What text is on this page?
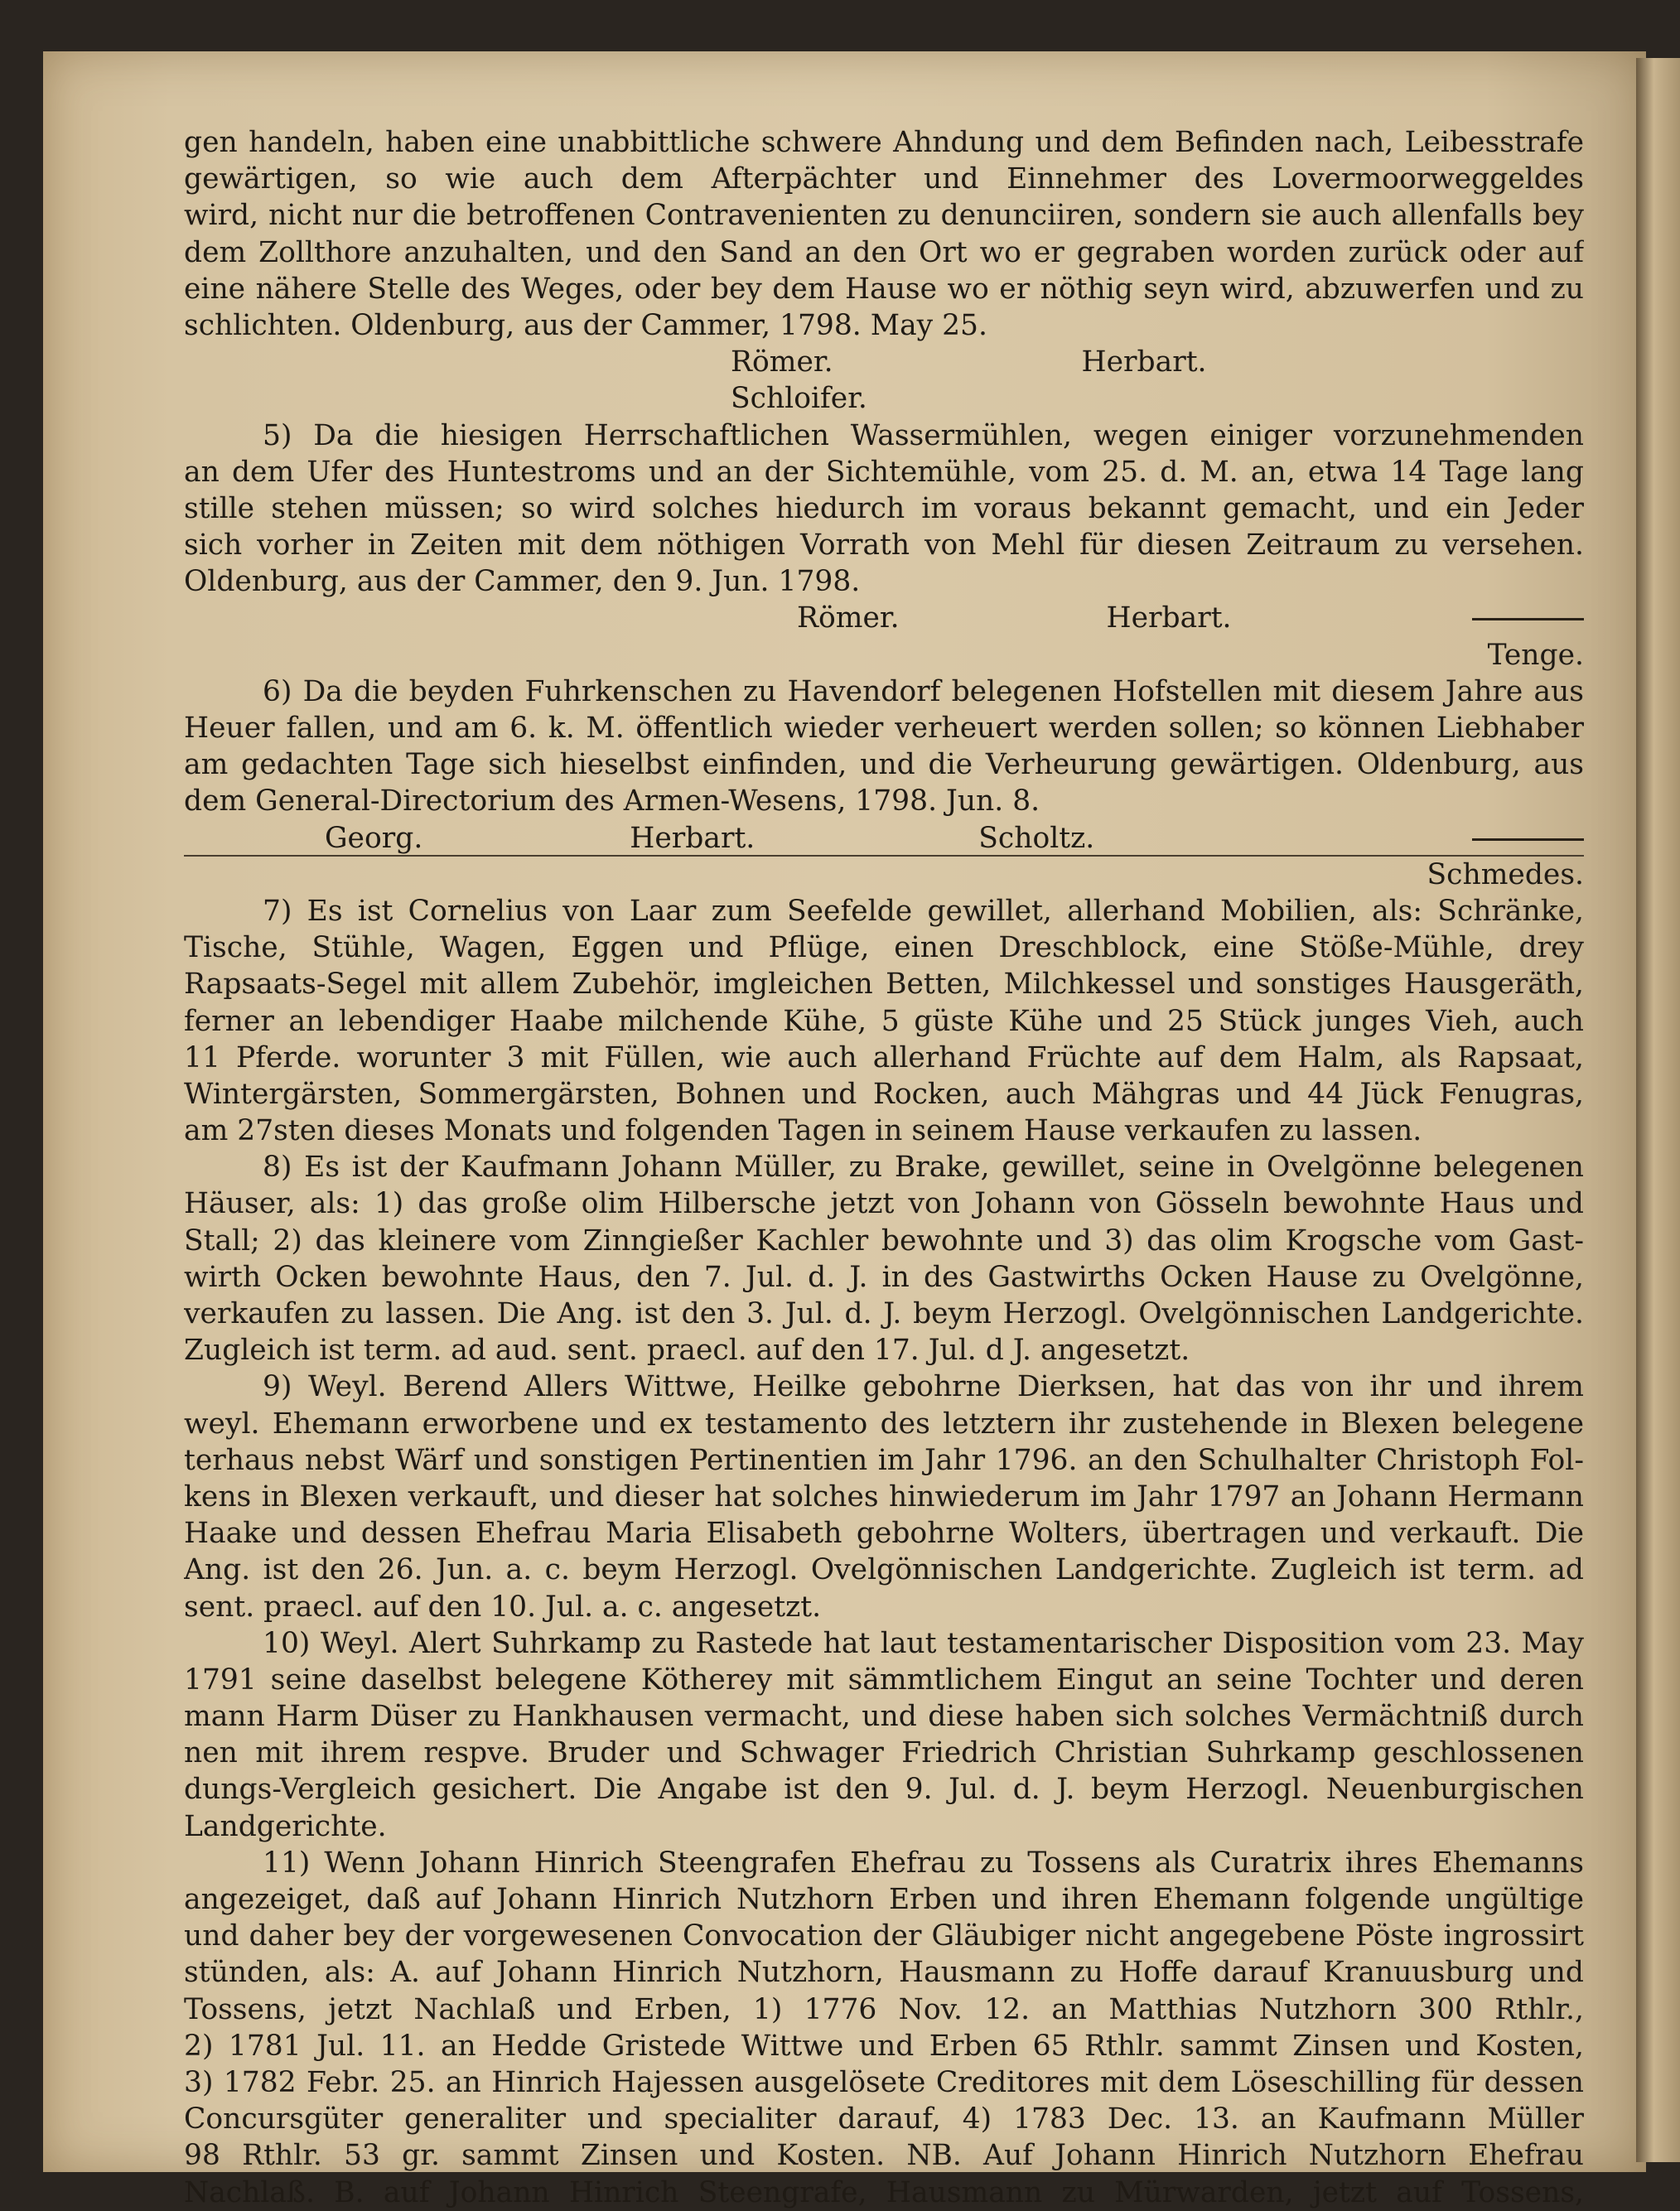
gen handeln, haben eine unabbittliche schwere Ahndung und dem Befinden nach, Leibesstrafe
gewärtigen, so wie auch dem Afterpächter und Einnehmer des Lovermoorweggeldes
wird, nicht nur die betroffenen Contravenienten zu denunciiren, sondern sie auch allenfalls bey
dem Zollthore anzuhalten, und den Sand an den Ort wo er gegraben worden zurück oder auf
eine nähere Stelle des Weges, oder bey dem Hause wo er nöthig seyn wird, abzuwerfen und zu
schlichten. Oldenburg, aus der Cammer, 1798. May 25.
Römer.	Herbart.
Schloifer.
5) Da die hiesigen Herrschaftlichen Wassermühlen, wegen einiger vorzunehmenden
an dem Ufer des Huntestroms und an der Sichtemühle, vom 25. d. M. an, etwa 14 Tage lang
stille stehen müssen; so wird solches hiedurch im voraus bekannt gemacht, und ein Jeder
sich vorher in Zeiten mit dem nöthigen Vorrath von Mehl für diesen Zeitraum zu versehen.
Oldenburg, aus der Cammer, den 9. Jun. 1798.
Römer.	Herbart.
Tenge.
6) Da die beyden Fuhrkenschen zu Havendorf belegenen Hofstellen mit diesem Jahre aus
Heuer fallen, und am 6. k. M. öffentlich wieder verheuert werden sollen; so können Liebhaber
am gedachten Tage sich hieselbst einfinden, und die Verheurung gewärtigen. Oldenburg, aus
dem General-Directorium des Armen-Wesens, 1798. Jun. 8.
Georg.	Herbart.	Scholtz.
Schmedes.
7) Es ist Cornelius von Laar zum Seefelde gewillet, allerhand Mobilien, als: Schränke,
Tische, Stühle, Wagen, Eggen und Pflüge, einen Dreschblock, eine Stöße-Mühle, drey
Rapsaats-Segel mit allem Zubehör, imgleichen Betten, Milchkessel und sonstiges Hausgeräth,
ferner an lebendiger Haabe milchende Kühe, 5 güste Kühe und 25 Stück junges Vieh, auch
11 Pferde. worunter 3 mit Füllen, wie auch allerhand Früchte auf dem Halm, als Rapsaat,
Wintergärsten, Sommergärsten, Bohnen und Rocken, auch Mähgras und 44 Jück Fenugras,
am 27sten dieses Monats und folgenden Tagen in seinem Hause verkaufen zu lassen.
8) Es ist der Kaufmann Johann Müller, zu Brake, gewillet, seine in Ovelgönne belegenen
Häuser, als: 1) das große olim Hilbersche jetzt von Johann von Gösseln bewohnte Haus und
Stall; 2) das kleinere vom Zinngießer Kachler bewohnte und 3) das olim Krogsche vom Gast-
wirth Ocken bewohnte Haus, den 7. Jul. d. J. in des Gastwirths Ocken Hause zu Ovelgönne,
verkaufen zu lassen. Die Ang. ist den 3. Jul. d. J. beym Herzogl. Ovelgönnischen Landgerichte.
Zugleich ist term. ad aud. sent. praecl. auf den 17. Jul. d J. angesetzt.
9) Weyl. Berend Allers Wittwe, Heilke gebohrne Dierksen, hat das von ihr und ihrem
weyl. Ehemann erworbene und ex testamento des letztern ihr zustehende in Blexen belegene
terhaus nebst Wärf und sonstigen Pertinentien im Jahr 1796. an den Schulhalter Christoph Fol-
kens in Blexen verkauft, und dieser hat solches hinwiederum im Jahr 1797 an Johann Hermann
Haake und dessen Ehefrau Maria Elisabeth gebohrne Wolters, übertragen und verkauft. Die
Ang. ist den 26. Jun. a. c. beym Herzogl. Ovelgönnischen Landgerichte. Zugleich ist term. ad
sent. praecl. auf den 10. Jul. a. c. angesetzt.
10) Weyl. Alert Suhrkamp zu Rastede hat laut testamentarischer Disposition vom 23. May
1791 seine daselbst belegene Kötherey mit sämmtlichem Eingut an seine Tochter und deren
mann Harm Düser zu Hankhausen vermacht, und diese haben sich solches Vermächtniß durch
nen mit ihrem respve. Bruder und Schwager Friedrich Christian Suhrkamp geschlossenen
dungs-Vergleich gesichert. Die Angabe ist den 9. Jul. d. J. beym Herzogl. Neuenburgischen
Landgerichte.
11) Wenn Johann Hinrich Steengrafen Ehefrau zu Tossens als Curatrix ihres Ehemanns
angezeiget, daß auf Johann Hinrich Nutzhorn Erben und ihren Ehemann folgende ungültige
und daher bey der vorgewesenen Convocation der Gläubiger nicht angegebene Pöste ingrossirt
stünden, als: A. auf Johann Hinrich Nutzhorn, Hausmann zu Hoffe darauf Kranuusburg und
Tossens, jetzt Nachlaß und Erben, 1) 1776 Nov. 12. an Matthias Nutzhorn 300 Rthlr.,
2) 1781 Jul. 11. an Hedde Gristede Wittwe und Erben 65 Rthlr. sammt Zinsen und Kosten,
3) 1782 Febr. 25. an Hinrich Hajessen ausgelösete Creditores mit dem Löseschilling für dessen
Concursgüter generaliter und specialiter darauf, 4) 1783 Dec. 13. an Kaufmann Müller
98 Rthlr. 53 gr. sammt Zinsen und Kosten. NB. Auf Johann Hinrich Nutzhorn Ehefrau
Nachlaß. B. auf Johann Hinrich Steengrafe, Hausmann zu Mürwarden, jetzt auf Tossens,
